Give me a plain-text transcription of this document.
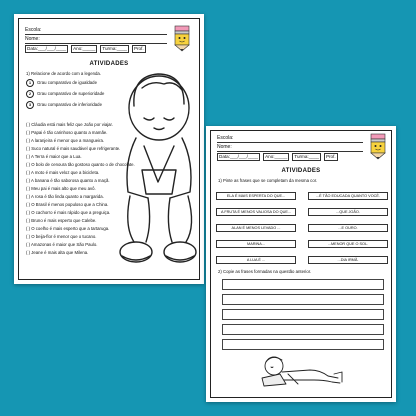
Escola:
Nome:
Data:___/___/____	Ano:_____	Turma:____	Prof.
ATIVIDADES
1) Relacione de acordo com a legenda.
1 Grau comparativo de igualdade
2 Grau comparativo de superioridade
3 Grau comparativo de inferioridade
( ) Cláudia está mais feliz que João por viajar.
( ) Papai é tão carinhoso quanto a mamãe.
( ) A laranjeira é menor que a mangueira.
( ) Suco natural é mais saudável que refrigerante.
( ) A Terra é maior que a Lua.
( ) O bolo de cenoura tão gostoso quanto o de chocolate.
( ) A moto é mais veloz que a bicicleta.
( ) A banana é tão saborosa quanto a maçã.
( ) Meu pai é mais alto que meu avô.
( ) A rosa é tão linda quanto a margarida.
( ) O Brasil é menos populoso que a China.
( ) O cachorro é mais rápido que a preguiça.
( ) Bruno é mais esperto que Calebe.
( ) O coelho é mais esperto que a tartaruga.
( ) O beija-flor é menor que o tucano.
( ) Amazonas é maior que São Paulo.
( ) Jeane é mais alta que Milena.
Escola:
Nome:
Data:___/___/____	Ano:_____	Turma:____	Prof.
ATIVIDADES
1) Pinte as frases que se completam da mesma cor.
ELA É MAIS ESPERTA DO QUE...	...É TÃO EDUCADA QUANTO VOCÊ.
A FRUTA É MENOS VALIOSA DO QUE...	...QUE JOÃO.
ALAN É MENOS LEVADO ...	...E OURO.
MARINA...	...MENOR QUE O SOL.
A LUA É ...	...DIA IRMÃ.
2) Copie as frases formadas na questão anterior.
